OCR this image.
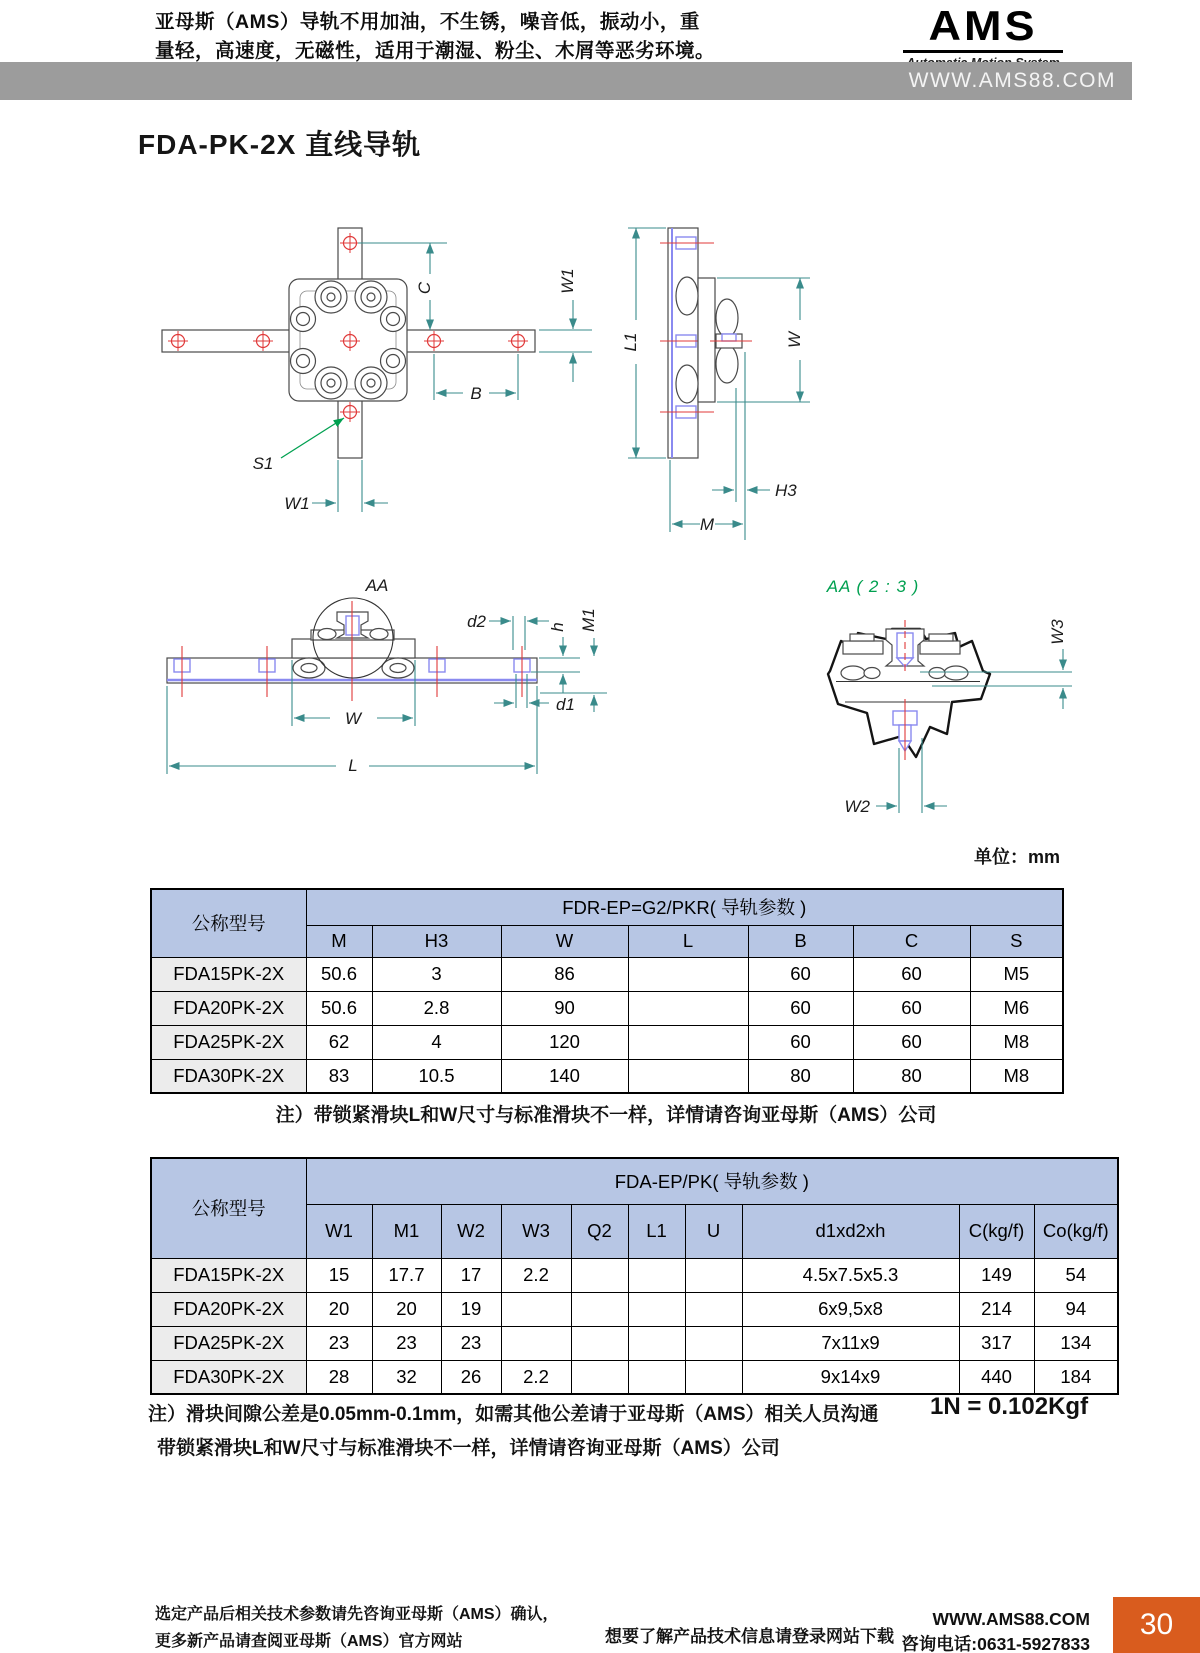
亚母斯（AMS）导轨不用加油，不生锈，噪音低，振动小，重
量轻，高速度，无磁性，适用于潮湿、粉尘、木屑等恶劣环境。
AMS
WWW.AMS88.COM
FDA-PK-2X 直线导轨
C	W1
B
S1
W1
L1	W
H3
M
AA
d2	h M1
W
d1
L
AA ( 2 : 3 )
W3
W2
单位：mm
公称型号	FDR-EP=G2/PKR( 导轨参数 )						
	M	H3	W	L	B	C	S
FDA15PK-2X	50.6	3	86		60	60	M5
FDA20PK-2X	50.6	2.8	90		60	60	M6
FDA25PK-2X	62	4	120		60	60	M8
FDA30PK-2X	83	10.5	140		80	80	M8
注）带锁紧滑块L和W尺寸与标准滑块不一样，详情请咨询亚母斯（AMS）公司
公称型号	FDA-EP/PK( 导轨参数 )									
	W1	M1	W2	W3	Q2	L1	U	d1xd2xh	C(kg/f)	Co(kg/f)
FDA15PK-2X	15	17.7	17	2.2				4.5x7.5x5.3	149	54
FDA20PK-2X	20	20	19					6x9,5x8	214	94
FDA25PK-2X	23	23	23					7x11x9	317	134
FDA30PK-2X	28	32	26	2.2				9x14x9	440	184
注）滑块间隙公差是0.05mm-0.1mm，如需其他公差请于亚母斯（AMS）相关人员沟通
带锁紧滑块L和W尺寸与标准滑块不一样，详情请咨询亚母斯（AMS）公司
1N = 0.102Kgf
选定产品后相关技术参数请先咨询亚母斯（AMS）确认，
更多新产品请查阅亚母斯（AMS）官方网站	想要了解产品技术信息请登录网站下载
WWW.AMS88.COM
咨询电话:0631-5927833
30
